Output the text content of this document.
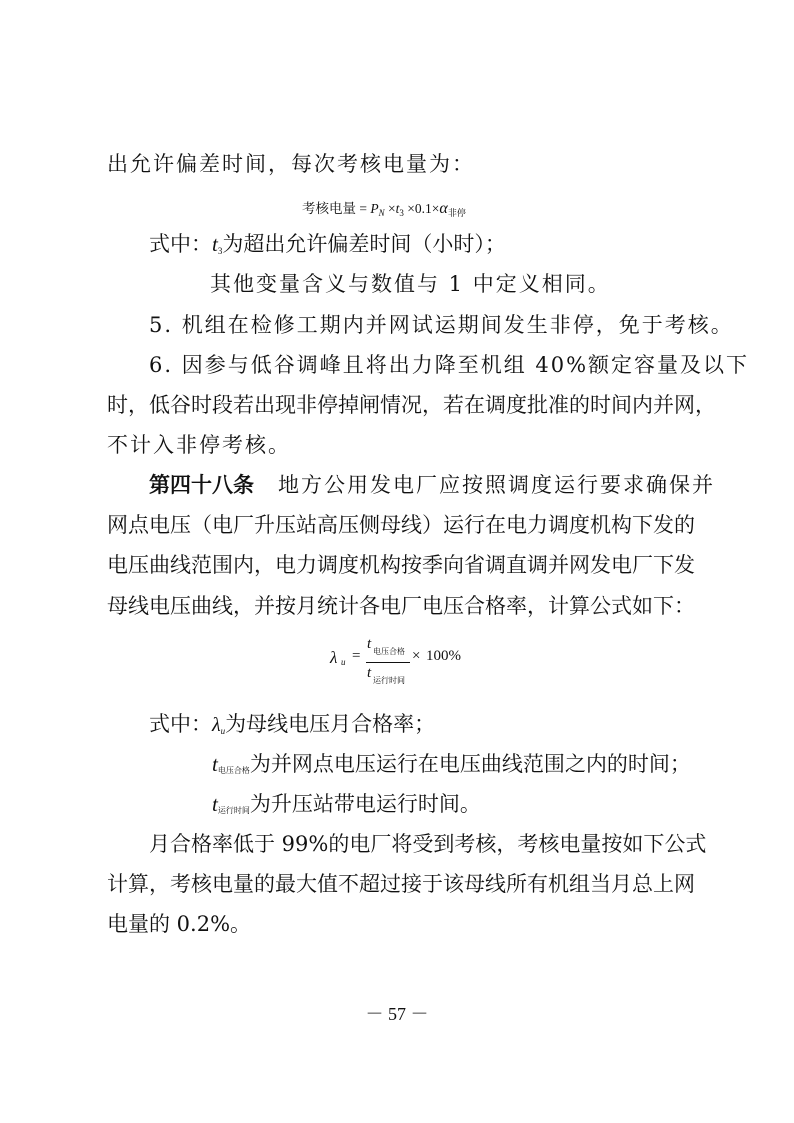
出允许偏差时间，每次考核电量为：

考核电量 = $P_N \times t_3 \times 0.1\times\alpha_{非停}$

式中：t3为超出允许偏差时间（小时）；

其他变量含义与数值与 1 中定义相同。

5. 机组在检修工期内并网试运期间发生非停，免于考核。

6. 因参与低谷调峰且将出力降至机组 40%额定容量及以下

时，低谷时段若出现非停掉闸情况，若在调度批准的时间内并网，

不计入非停考核。

第四十八条 地方公用发电厂应按照调度运行要求确保并

网点电压（电厂升压站高压侧母线）运行在电力调度机构下发的

电压曲线范围内，电力调度机构按季向省调直调并网发电厂下发

母线电压曲线，并按月统计各电厂电压合格率，计算公式如下：

λ u =
t 电压合格
t 运行时间
× 100%

式中：λu为母线电压月合格率；

t电压合格为并网点电压运行在电压曲线范围之内的时间；

t运行时间为升压站带电运行时间。

月合格率低于 99%的电厂将受到考核，考核电量按如下公式

计算，考核电量的最大值不超过接于该母线所有机组当月总上网

电量的 0.2%。

－ 57 －
